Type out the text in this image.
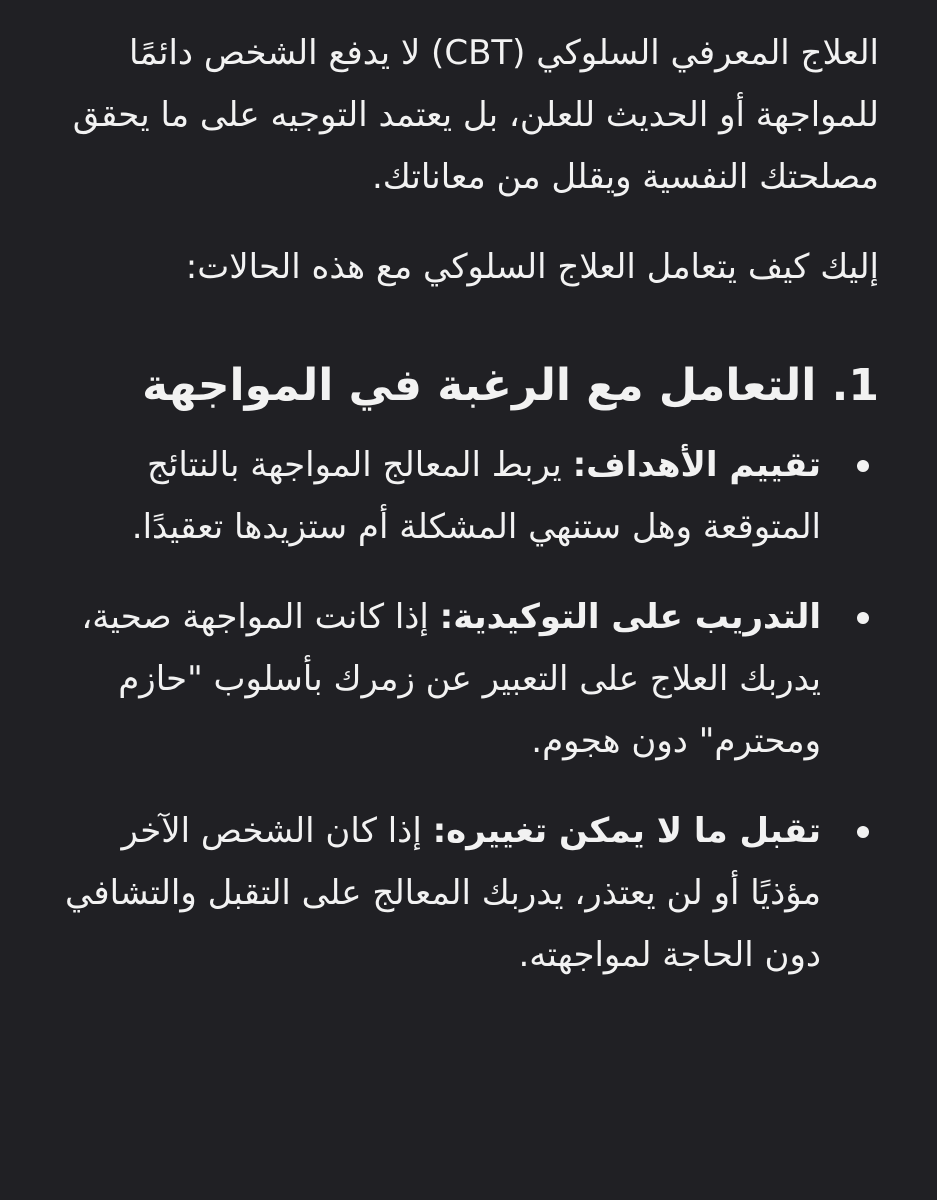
العلاج المعرفي السلوكي (CBT) لا يدفع الشخص دائمًا للمواجهة أو الحديث للعلن، بل يعتمد التوجيه على ما يحقق مصلحتك النفسية ويقلل من معاناتك.

إليك كيف يتعامل العلاج السلوكي مع هذه الحالات:

1. التعامل مع الرغبة في المواجهة
تقييم الأهداف: يربط المعالج المواجهة بالنتائج المتوقعة وهل ستنهي المشكلة أم ستزيدها تعقيدًا.
التدريب على التوكيدية: إذا كانت المواجهة صحية، يدربك العلاج على التعبير عن زمرك بأسلوب "حازم ومحترم" دون هجوم.
تقبل ما لا يمكن تغييره: إذا كان الشخص الآخر مؤذيًا أو لن يعتذر، يدربك المعالج على التقبل والتشافي دون الحاجة لمواجهته.
